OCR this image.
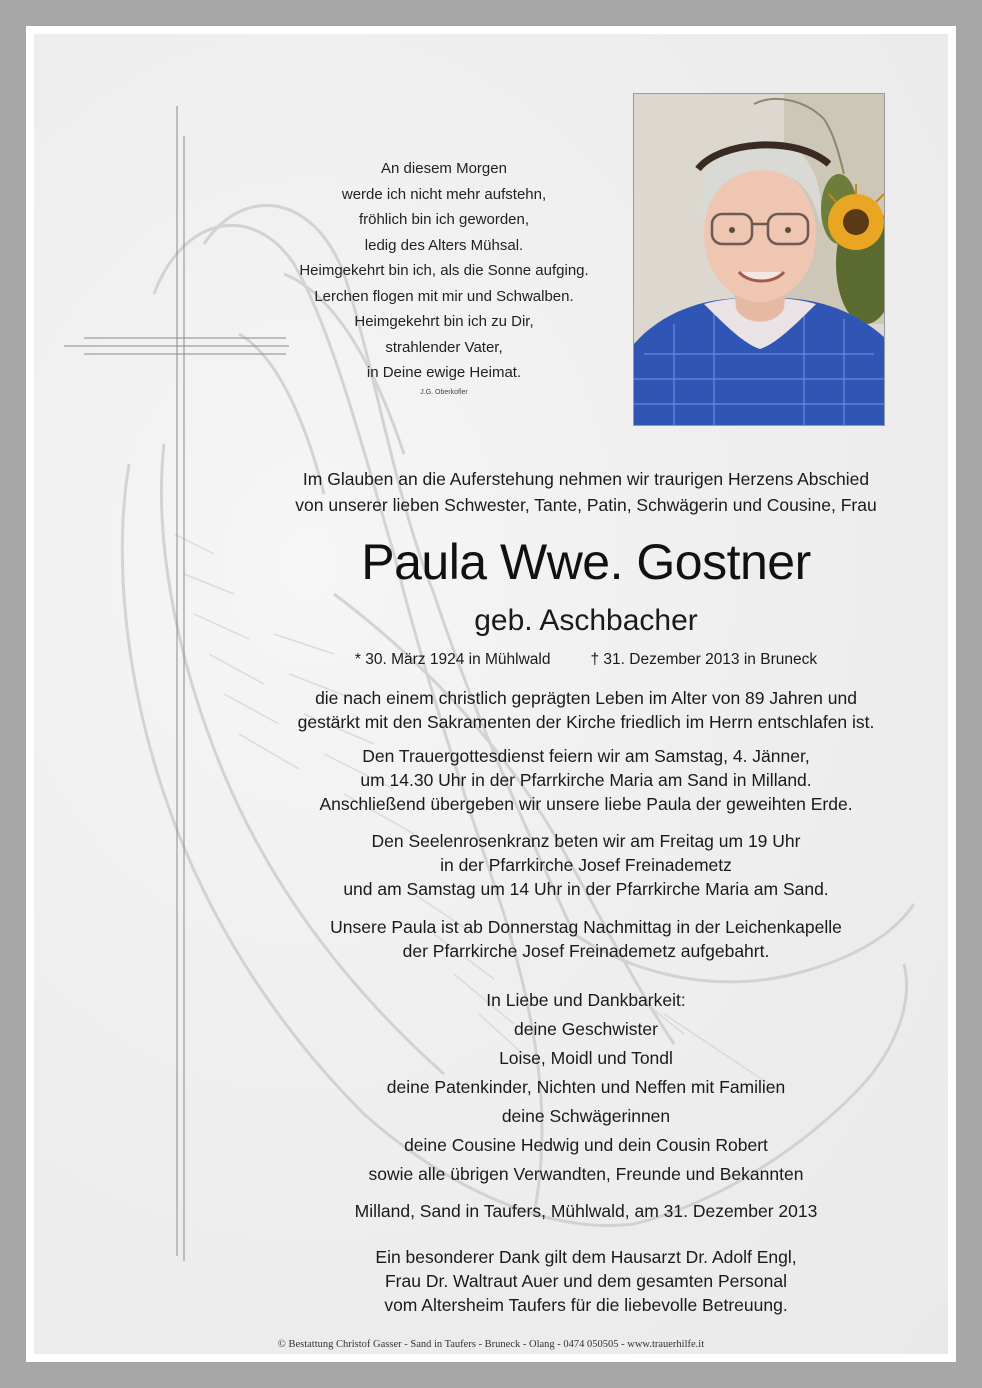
An diesem Morgen
werde ich nicht mehr aufstehn,
fröhlich bin ich geworden,
ledig des Alters Mühsal.
Heimgekehrt bin ich, als die Sonne aufging.
Lerchen flogen mit mir und Schwalben.
Heimgekehrt bin ich zu Dir,
strahlender Vater,
in Deine ewige Heimat.
J.G. Oberkofler
Im Glauben an die Auferstehung nehmen wir traurigen Herzens Abschied
von unserer lieben Schwester, Tante, Patin, Schwägerin und Cousine, Frau
Paula Wwe. Gostner
geb. Aschbacher
* 30. März 1924 in Mühlwald	† 31. Dezember 2013 in Bruneck
die nach einem christlich geprägten Leben im Alter von 89 Jahren und
gestärkt mit den Sakramenten der Kirche friedlich im Herrn entschlafen ist.
Den Trauergottesdienst feiern wir am Samstag, 4. Jänner,
um 14.30 Uhr in der Pfarrkirche Maria am Sand in Milland.
Anschließend übergeben wir unsere liebe Paula der geweihten Erde.
Den Seelenrosenkranz beten wir am Freitag um 19 Uhr
in der Pfarrkirche Josef Freinademetz
und am Samstag um 14 Uhr in der Pfarrkirche Maria am Sand.
Unsere Paula ist ab Donnerstag Nachmittag in der Leichenkapelle
der Pfarrkirche Josef Freinademetz aufgebahrt.
In Liebe und Dankbarkeit:
deine Geschwister
Loise, Moidl und Tondl
deine Patenkinder, Nichten und Neffen mit Familien
deine Schwägerinnen
deine Cousine Hedwig und dein Cousin Robert
sowie alle übrigen Verwandten, Freunde und Bekannten
Milland, Sand in Taufers, Mühlwald, am 31. Dezember 2013
Ein besonderer Dank gilt dem Hausarzt Dr. Adolf Engl,
Frau Dr. Waltraut Auer und dem gesamten Personal
vom Altersheim Taufers für die liebevolle Betreuung.
© Bestattung Christof Gasser - Sand in Taufers - Bruneck - Olang - 0474 050505 - www.trauerhilfe.it
